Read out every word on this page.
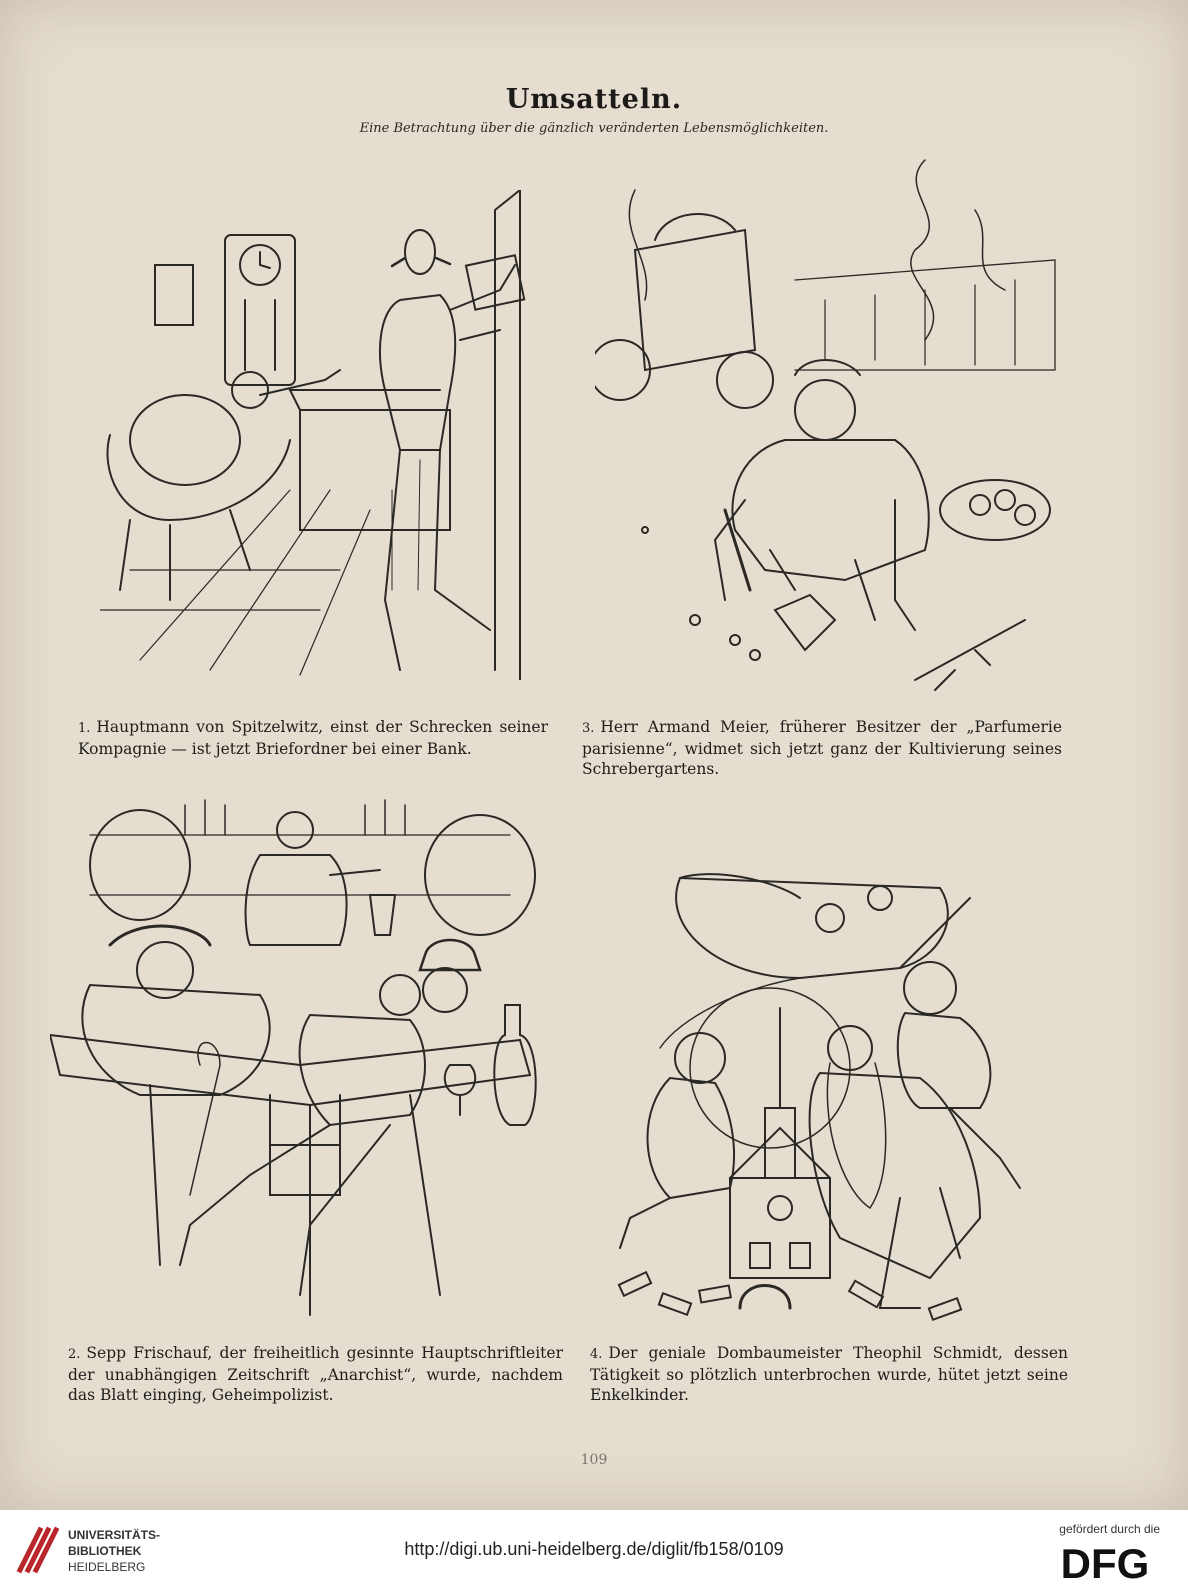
Umsatteln.
Eine Betrachtung über die gänzlich veränderten Lebensmöglichkeiten.
1. Hauptmann von Spitzelwitz, einst der Schrecken seiner Kompagnie — ist jetzt Briefordner bei einer Bank.
3. Herr Armand Meier, früherer Besitzer der „Parfumerie parisienne“, widmet sich jetzt ganz der Kultivierung seines Schrebergartens.
2. Sepp Frischauf, der freiheitlich gesinnte Hauptschriftleiter der unabhängigen Zeitschrift „Anarchist“, wurde, nachdem das Blatt einging, Geheimpolizist.
4. Der geniale Dombaumeister Theophil Schmidt, dessen Tätigkeit so plötzlich unterbrochen wurde, hütet jetzt seine Enkelkinder.
109
UNIVERSITÄTS-
BIBLIOTHEK
HEIDELBERG
http://digi.ub.uni-heidelberg.de/diglit/fb158/0109
gefördert durch die
DFG
